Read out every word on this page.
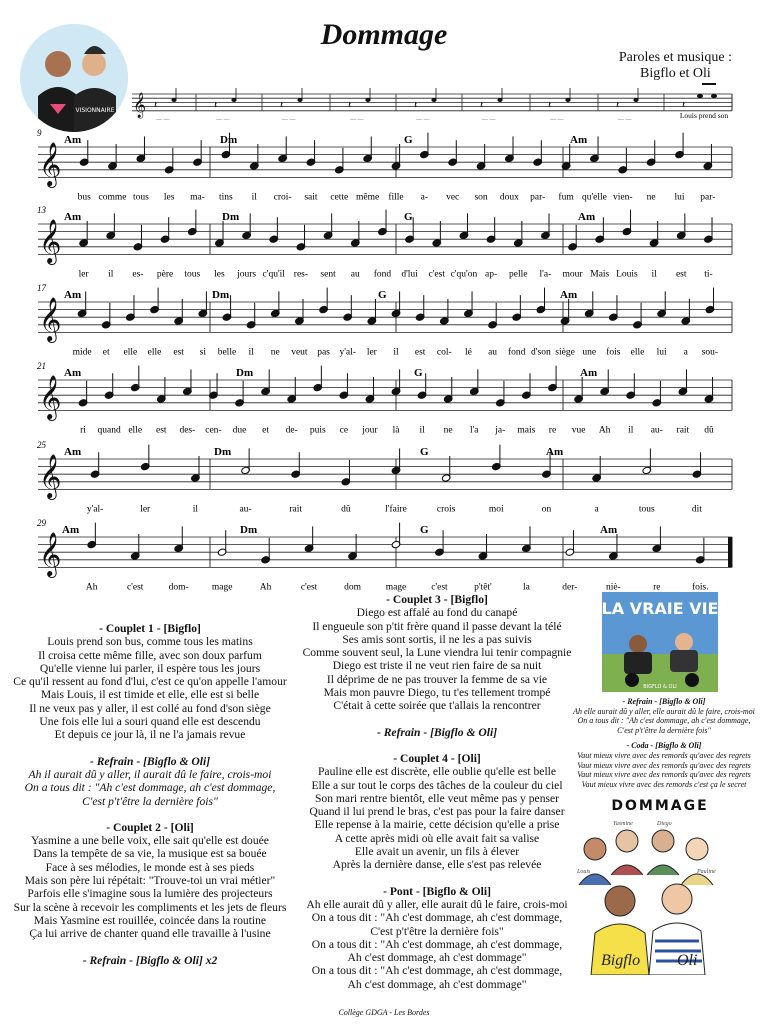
Dommage
Paroles et musique :
Bigflo et Oli
VISIONNAIRE 𝄞 𝄽
— —
𝄽
— —
𝄽
— —
𝄽
— —
𝄽
— —
𝄽
— —
𝄽
— —
𝄽
— —
𝄽
Louis prend son
𝄞
9
Am	Dm	G	Am
bus comme tous les ma- tins il croi- sait cette même fille a- vec son doux par- fum qu'elle vien- ne lui par-
𝄞
13
Am	Dm	G	Am
ler il es- père tous les jours c'qu'il res- sent au fond d'lui c'est c'qu'on ap- pelle l'a- mour Mais Louis il est ti-
𝄞
17
Am	Dm	G	Am
mide et elle elle est si belle il ne veut pas y'al- ler il est col- lé au fond d'son siège une fois elle lui a sou-
𝄞
21
Am	Dm	G	Am
ri quand elle est des- cen- due et de- puis ce jour là il ne l'a ja- mais re vue Ah il au- rait dû
𝄞
25
Am	Dm	G	Am
y'al-	ler	il	au-	rait	dû	l'faire	crois	moi	on	a	tous	dit
𝄞
29
Am	Dm	G	Am
Ah	c'est	dom- mage	Ah	c'est	dom	mage	c'est	p'têt'	la	der-	niè-	re	fois.

- Couplet 1 - [Bigflo]

Louis prend son bus, comme tous les matins
Il croisa cette même fille, avec son doux parfum
Qu'elle vienne lui parler, il espère tous les jours
Ce qu'il ressent au fond d'lui, c'est ce qu'on appelle l'amour
Mais Louis, il est timide et elle, elle est si belle
Il ne veux pas y aller, il est collé au fond d'son siège
Une fois elle lui a souri quand elle est descendu
Et depuis ce jour là, il ne l'a jamais revue

- Refrain - [Bigflo & Oli]

Ah il aurait dû y aller, il aurait dû le faire, crois-moi
On a tous dit : "Ah c'est dommage, ah c'est dommage,
C'est p't'être la dernière fois"

- Couplet 2 - [Oli]

Yasmine a une belle voix, elle sait qu'elle est douée
Dans la tempête de sa vie, la musique est sa bouée
Face à ses mélodies, le monde est à ses pieds
Mais son père lui répétait: "Trouve-toi un vrai métier"
Parfois elle s'imagine sous la lumière des projecteurs
Sur la scène à recevoir les compliments et les jets de fleurs
Mais Yasmine est rouillée, coincée dans la routine
Ça lui arrive de chanter quand elle travaille à l'usine

- Refrain - [Bigflo & Oli] x2

- Couplet 3 - [Bigflo]

Diego est affalé au fond du canapé
Il engueule son p'tit frère quand il passe devant la télé
Ses amis sont sortis, il ne les a pas suivis
Comme souvent seul, la Lune viendra lui tenir compagnie
Diego est triste il ne veut rien faire de sa nuit
Il déprime de ne pas trouver la femme de sa vie
Mais mon pauvre Diego, tu t'es tellement trompé
C'était à cette soirée que t'allais la rencontrer

- Refrain - [Bigflo & Oli]

- Couplet 4 - [Oli]

Pauline elle est discrète, elle oublie qu'elle est belle
Elle a sur tout le corps des tâches de la couleur du ciel
Son mari rentre bientôt, elle veut même pas y penser
Quand il lui prend le bras, c'est pas pour la faire danser
Elle repense à la mairie, cette décision qu'elle a prise
A cette après midi où elle avait fait sa valise
Elle avait un avenir, un fils à élever
Après la dernière danse, elle s'est pas relevée

- Pont - [Bigflo & Oli]

Ah elle aurait dû y aller, elle aurait dû le faire, crois-moi
On a tous dit : "Ah c'est dommage, ah c'est dommage,
C'est p't'être la dernière fois"
On a tous dit : "Ah c'est dommage, ah c'est dommage,
Ah c'est dommage, ah c'est dommage"
On a tous dit : "Ah c'est dommage, ah c'est dommage,
Ah c'est dommage, ah c'est dommage"
LA VRAIE VIE
BIGFLO & OLI
- Refrain - [Bigflo & Oli]
Ah elle aurait dû y aller, elle aurait dû le faire, crois-moi
On a tous dit : "Ah c'est dommage, ah c'est dommage,
C'est p't'être la dernière fois"
- Coda - [Bigflo & Oli]
Vaut mieux vivre avec des remords qu'avec des regrets
Vaut mieux vivre avec des remords qu'avec des regrets
Vaut mieux vivre avec des remords qu'avec des regrets
Vaut mieux vivre avec des remords c'est ça le secret
DOMMAGE
Louis
Yasmine	Diego
Pauline
Bigflo Oli
Collège GDGA - Les Bordes
